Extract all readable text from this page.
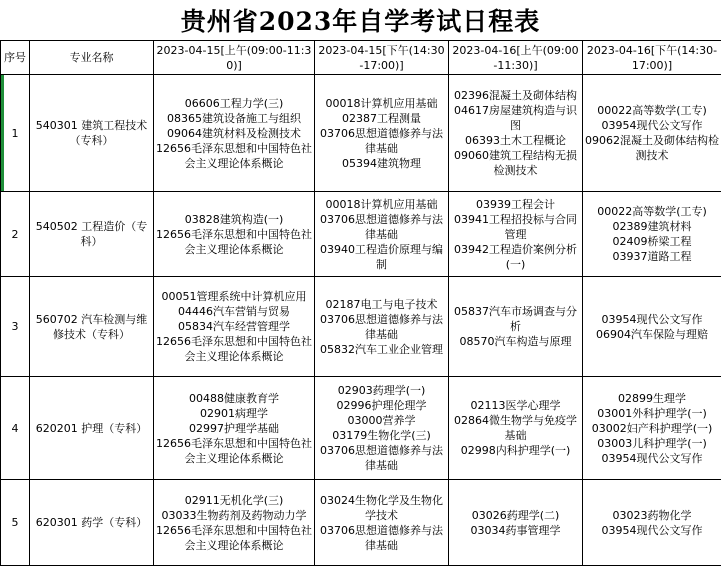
贵州省2023年自学考试日程表
序号	专业名称	2023-04-15[上午(09:00-11:30)]	2023-04-15[下午(14:30-17:00)]	2023-04-16[上午(09:00-11:30)]	2023-04-16[下午(14:30-17:00)]
1	540301 建筑工程技术（专科）	06606工程力学(三)
08365建筑设备施工与组织
09064建筑材料及检测技术
12656毛泽东思想和中国特色社会主义理论体系概论	00018计算机应用基础
02387工程测量
03706思想道德修养与法律基础
05394建筑物理	02396混凝土及砌体结构
04617房屋建筑构造与识图
06393土木工程概论
09060建筑工程结构无损检测技术	00022高等数学(工专)
03954现代公文写作
09062混凝土及砌体结构检测技术

2	540502 工程造价（专科）	03828建筑构造(一)
12656毛泽东思想和中国特色社会主义理论体系概论	00018计算机应用基础
03706思想道德修养与法律基础
03940工程造价原理与编制	03939工程会计
03941工程招投标与合同管理
03942工程造价案例分析(一)	00022高等数学(工专)
02389建筑材料
02409桥梁工程
03937道路工程

3	560702 汽车检测与维修技术（专科）	00051管理系统中计算机应用
04446汽车营销与贸易
05834汽车经营管理学
12656毛泽东思想和中国特色社会主义理论体系概论	02187电工与电子技术
03706思想道德修养与法律基础
05832汽车工业企业管理	05837汽车市场调查与分析
08570汽车构造与原理	03954现代公文写作
06904汽车保险与理赔

4	620201 护理（专科）	00488健康教育学
02901病理学
02997护理学基础
12656毛泽东思想和中国特色社会主义理论体系概论	02903药理学(一)
02996护理伦理学
03000营养学
03179生物化学(三)
03706思想道德修养与法律基础	02113医学心理学
02864微生物学与免疫学基础
02998内科护理学(一)	02899生理学
03001外科护理学(一)
03002妇产科护理学(一)
03003儿科护理学(一)
03954现代公文写作

5	620301 药学（专科）	02911无机化学(三)
03033生物药剂及药物动力学
12656毛泽东思想和中国特色社会主义理论体系概论	03024生物化学及生物化学技术
03706思想道德修养与法律基础	03026药理学(二)
03034药事管理学	03023药物化学
03954现代公文写作
